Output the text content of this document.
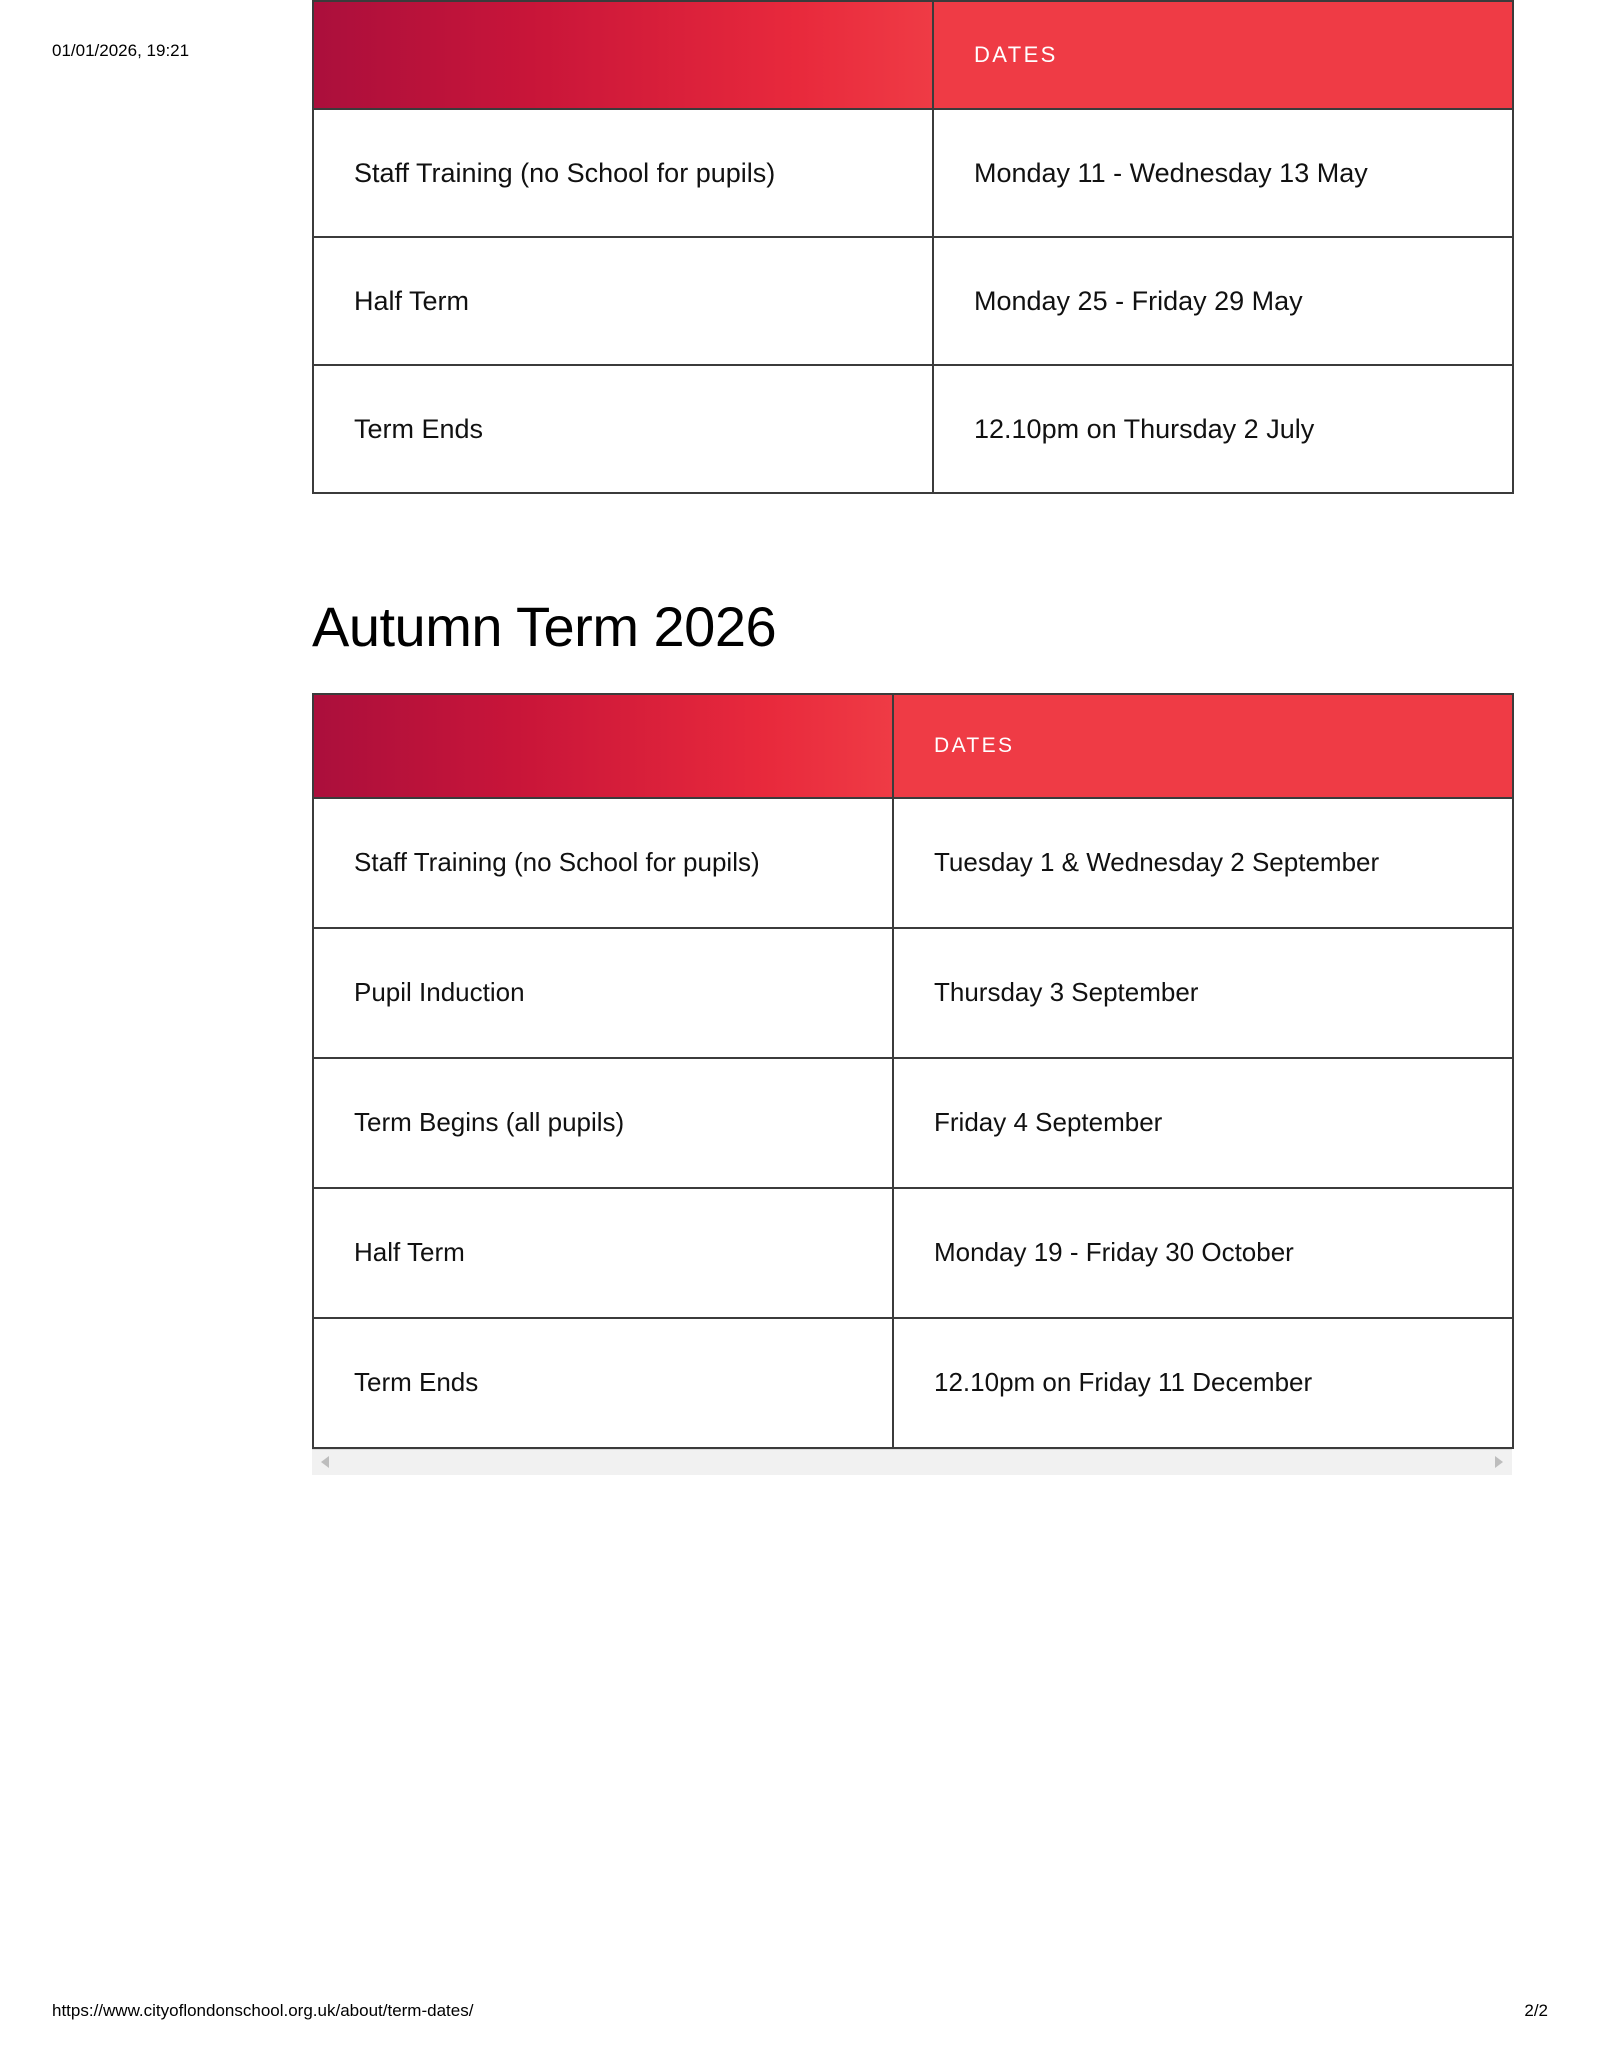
01/01/2026, 19:21
		DATES
Staff Training (no School for pupils)	Monday 11 - Wednesday 13 May
Half Term	Monday 25 - Friday 29 May
Term Ends	12.10pm on Thursday 2 July
Autumn Term 2026
	DATES
Staff Training (no School for pupils)	Tuesday 1 & Wednesday 2 September
Pupil Induction	Thursday 3 September
Term Begins (all pupils)	Friday 4 September
Half Term	Monday 19 - Friday 30 October
Term Ends	12.10pm on Friday 11 December
https://www.cityoflondonschool.org.uk/about/term-dates/	2/2
